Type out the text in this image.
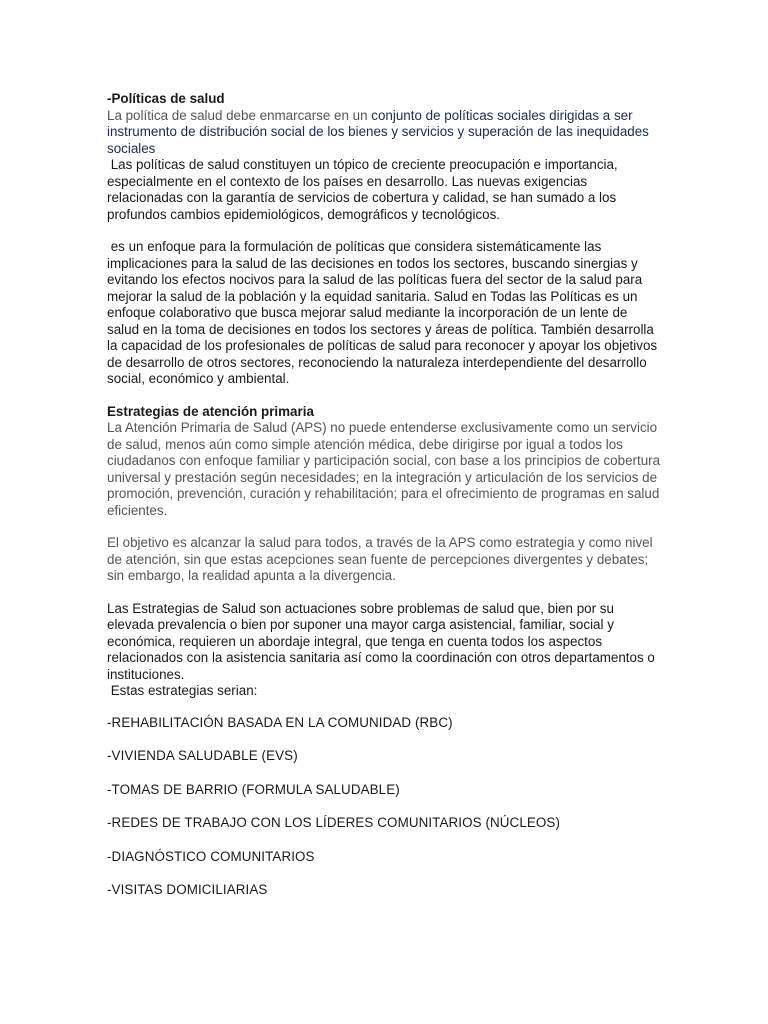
-Políticas de salud

La política de salud debe enmarcarse en un conjunto de políticas sociales dirigidas a ser instrumento de distribución social de los bienes y servicios y superación de las inequidades sociales

Las políticas de salud constituyen un tópico de creciente preocupación e importancia, especialmente en el contexto de los países en desarrollo. Las nuevas exigencias relacionadas con la garantía de servicios de cobertura y calidad, se han sumado a los profundos cambios epidemiológicos, demográficos y tecnológicos.

es un enfoque para la formulación de políticas que considera sistemáticamente las implicaciones para la salud de las decisiones en todos los sectores, buscando sinergias y evitando los efectos nocivos para la salud de las políticas fuera del sector de la salud para mejorar la salud de la población y la equidad sanitaria. Salud en Todas las Políticas es un enfoque colaborativo que busca mejorar salud mediante la incorporación de un lente de salud en la toma de decisiones en todos los sectores y áreas de política. También desarrolla la capacidad de los profesionales de políticas de salud para reconocer y apoyar los objetivos de desarrollo de otros sectores, reconociendo la naturaleza interdependiente del desarrollo social, económico y ambiental.

Estrategias de atención primaria

La Atención Primaria de Salud (APS) no puede entenderse exclusivamente como un servicio de salud, menos aún como simple atención médica, debe dirigirse por igual a todos los ciudadanos con enfoque familiar y participación social, con base a los principios de cobertura universal y prestación según necesidades; en la integración y articulación de los servicios de promoción, prevención, curación y rehabilitación; para el ofrecimiento de programas en salud eficientes.

El objetivo es alcanzar la salud para todos, a través de la APS como estrategia y como nivel de atención, sin que estas acepciones sean fuente de percepciones divergentes y debates; sin embargo, la realidad apunta a la divergencia.

Las Estrategias de Salud son actuaciones sobre problemas de salud que, bien por su elevada prevalencia o bien por suponer una mayor carga asistencial, familiar, social y económica, requieren un abordaje integral, que tenga en cuenta todos los aspectos relacionados con la asistencia sanitaria así como la coordinación con otros departamentos o instituciones.

Estas estrategias serian:

-REHABILITACIÓN BASADA EN LA COMUNIDAD (RBC)

-VIVIENDA SALUDABLE (EVS)

-TOMAS DE BARRIO (FORMULA SALUDABLE)

-REDES DE TRABAJO CON LOS LÍDERES COMUNITARIOS (NÚCLEOS)

-DIAGNÓSTICO COMUNITARIOS

-VISITAS DOMICILIARIAS
